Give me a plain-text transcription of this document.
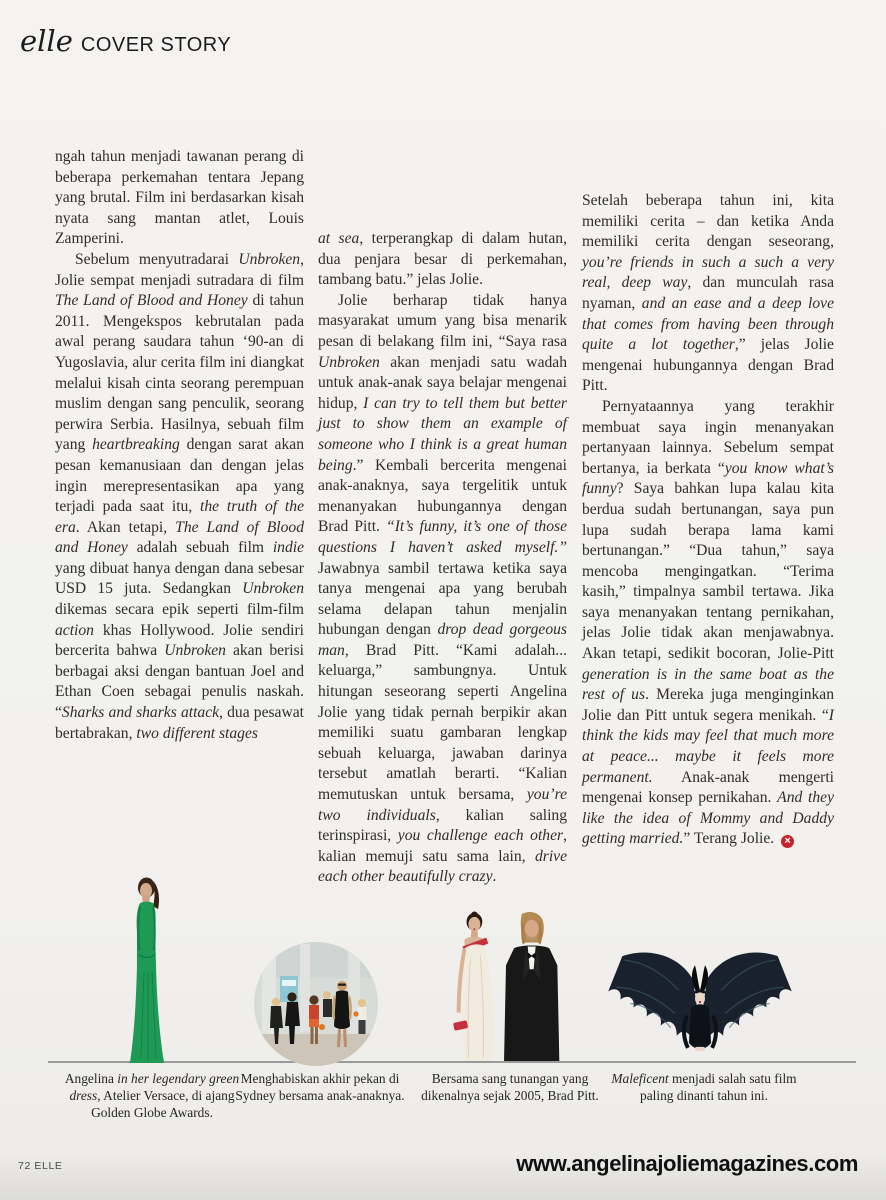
elle COVER STORY

ngah tahun menjadi tawanan perang di beberapa perkemahan tentara Jepang yang brutal. Film ini berdasarkan kisah nyata sang mantan atlet, Louis Zamperini.

Sebelum menyutradarai Unbroken, Jolie sempat menjadi sutradara di film The Land of Blood and Honey di tahun 2011. Mengekspos kebrutalan pada awal perang saudara tahun ‘90-an di Yugoslavia, alur cerita film ini diangkat melalui kisah cinta seorang perempuan muslim dengan sang penculik, seorang perwira Serbia. Hasilnya, sebuah film yang heartbreaking dengan sarat akan pesan kemanusiaan dan dengan jelas ingin merepresentasikan apa yang terjadi pada saat itu, the truth of the era. Akan tetapi, The Land of Blood and Honey adalah sebuah film indie yang dibuat hanya dengan dana sebesar USD 15 juta. Sedangkan Unbroken dikemas secara epik seperti film-film action khas Hollywood. Jolie sendiri bercerita bahwa Unbroken akan berisi berbagai aksi dengan bantuan Joel and Ethan Coen sebagai penulis naskah. “Sharks and sharks attack, dua pesawat bertabrakan, two different stages

at sea, terperangkap di dalam hutan, dua penjara besar di perkemahan, tambang batu.” jelas Jolie.

Jolie berharap tidak hanya masyarakat umum yang bisa menarik pesan di belakang film ini, “Saya rasa Unbroken akan menjadi satu wadah untuk anak-anak saya belajar mengenai hidup, I can try to tell them but better just to show them an example of someone who I think is a great human being.” Kembali bercerita mengenai anak-anaknya, saya tergelitik untuk menanyakan hubungannya dengan Brad Pitt. “It’s funny, it’s one of those questions I haven’t asked myself.” Jawabnya sambil tertawa ketika saya tanya mengenai apa yang berubah selama delapan tahun menjalin hubungan dengan drop dead gorgeous man, Brad Pitt. “Kami adalah... keluarga,” sambungnya. Untuk hitungan seseorang seperti Angelina Jolie yang tidak pernah berpikir akan memiliki suatu gambaran lengkap sebuah keluarga, jawaban darinya tersebut amatlah berarti. “Kalian memutuskan untuk bersama, you’re two individuals, kalian saling terinspirasi, you challenge each other, kalian memuji satu sama lain, drive each other beautifully crazy.

Setelah beberapa tahun ini, kita memiliki cerita – dan ketika Anda memiliki cerita dengan seseorang, you’re friends in such a such a very real, deep way, dan munculah rasa nyaman, and an ease and a deep love that comes from having been through quite a lot together,” jelas Jolie mengenai hubungannya dengan Brad Pitt.

Pernyataannya yang terakhir membuat saya ingin menanyakan pertanyaan lainnya. Sebelum sempat bertanya, ia berkata “you know what’s funny? Saya bahkan lupa kalau kita berdua sudah bertunangan, saya pun lupa sudah berapa lama kami bertunangan.” “Dua tahun,” saya mencoba mengingatkan. “Terima kasih,” timpalnya sambil tertawa. Jika saya menanyakan tentang pernikahan, jelas Jolie tidak akan menjawabnya. Akan tetapi, sedikit bocoran, Jolie-Pitt generation is in the same boat as the rest of us. Mereka juga menginginkan Jolie dan Pitt untuk segera menikah. “I think the kids may feel that much more at peace... maybe it feels more permanent. Anak-anak mengerti mengenai konsep pernikahan. And they like the idea of Mommy and Daddy getting married.” Terang Jolie. ×

Angelina in her legendary green dress, Atelier Versace, di ajang Golden Globe Awards.
Menghabiskan akhir pekan di Sydney bersama anak-anaknya.
Bersama sang tunangan yang dikenalnya sejak 2005, Brad Pitt.
Maleficent menjadi salah satu film paling dinanti tahun ini.
72 ELLE	www.angelinajoliemagazines.com
